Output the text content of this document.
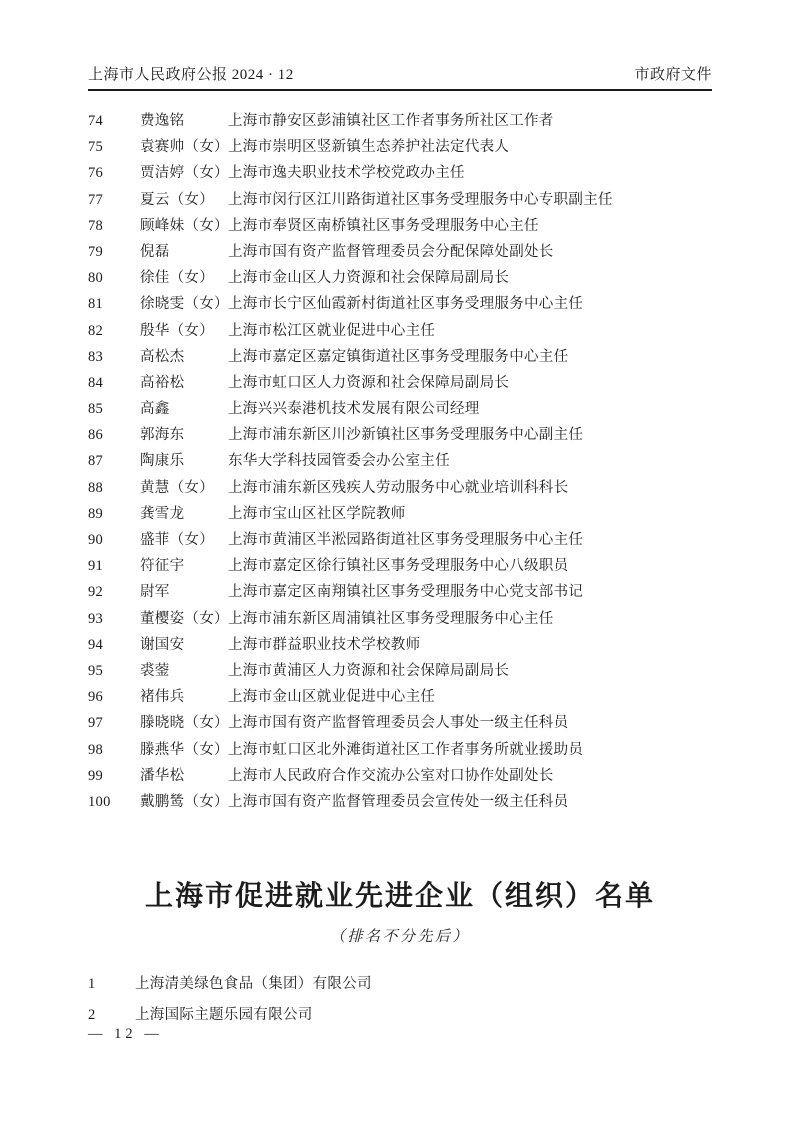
上海市人民政府公报 2024 · 12	市政府文件
74	费逸铭	上海市静安区彭浦镇社区工作者事务所社区工作者
75	袁赛帅（女） 上海市崇明区竖新镇生态养护社法定代表人
76	贾洁婷（女） 上海市逸夫职业技术学校党政办主任
77	夏云（女） 上海市闵行区江川路街道社区事务受理服务中心专职副主任
78	顾峰妹（女） 上海市奉贤区南桥镇社区事务受理服务中心主任
79	倪磊	上海市国有资产监督管理委员会分配保障处副处长
80	徐佳（女） 上海市金山区人力资源和社会保障局副局长
81	徐晓雯（女） 上海市长宁区仙霞新村街道社区事务受理服务中心主任
82	殷华（女） 上海市松江区就业促进中心主任
83	高松杰	上海市嘉定区嘉定镇街道社区事务受理服务中心主任
84	高裕松	上海市虹口区人力资源和社会保障局副局长
85	高鑫	上海兴兴泰港机技术发展有限公司经理
86	郭海东	上海市浦东新区川沙新镇社区事务受理服务中心副主任
87	陶康乐	东华大学科技园管委会办公室主任
88	黄慧（女） 上海市浦东新区残疾人劳动服务中心就业培训科科长
89	龚雪龙	上海市宝山区社区学院教师
90	盛菲（女） 上海市黄浦区半淞园路街道社区事务受理服务中心主任
91	符征宇	上海市嘉定区徐行镇社区事务受理服务中心八级职员
92	尉军	上海市嘉定区南翔镇社区事务受理服务中心党支部书记
93	董樱姿（女） 上海市浦东新区周浦镇社区事务受理服务中心主任
94	谢国安	上海市群益职业技术学校教师
95	裘蓥	上海市黄浦区人力资源和社会保障局副局长
96	褚伟兵	上海市金山区就业促进中心主任
97	滕晓晓（女） 上海市国有资产监督管理委员会人事处一级主任科员
98	滕燕华（女） 上海市虹口区北外滩街道社区工作者事务所就业援助员
99	潘华松	上海市人民政府合作交流办公室对口协作处副处长
100	戴鹏鸶（女） 上海市国有资产监督管理委员会宣传处一级主任科员
上海市促进就业先进企业（组织）名单
（排名不分先后）
1	上海清美绿色食品（集团）有限公司
2	上海国际主题乐园有限公司
— 12 —
